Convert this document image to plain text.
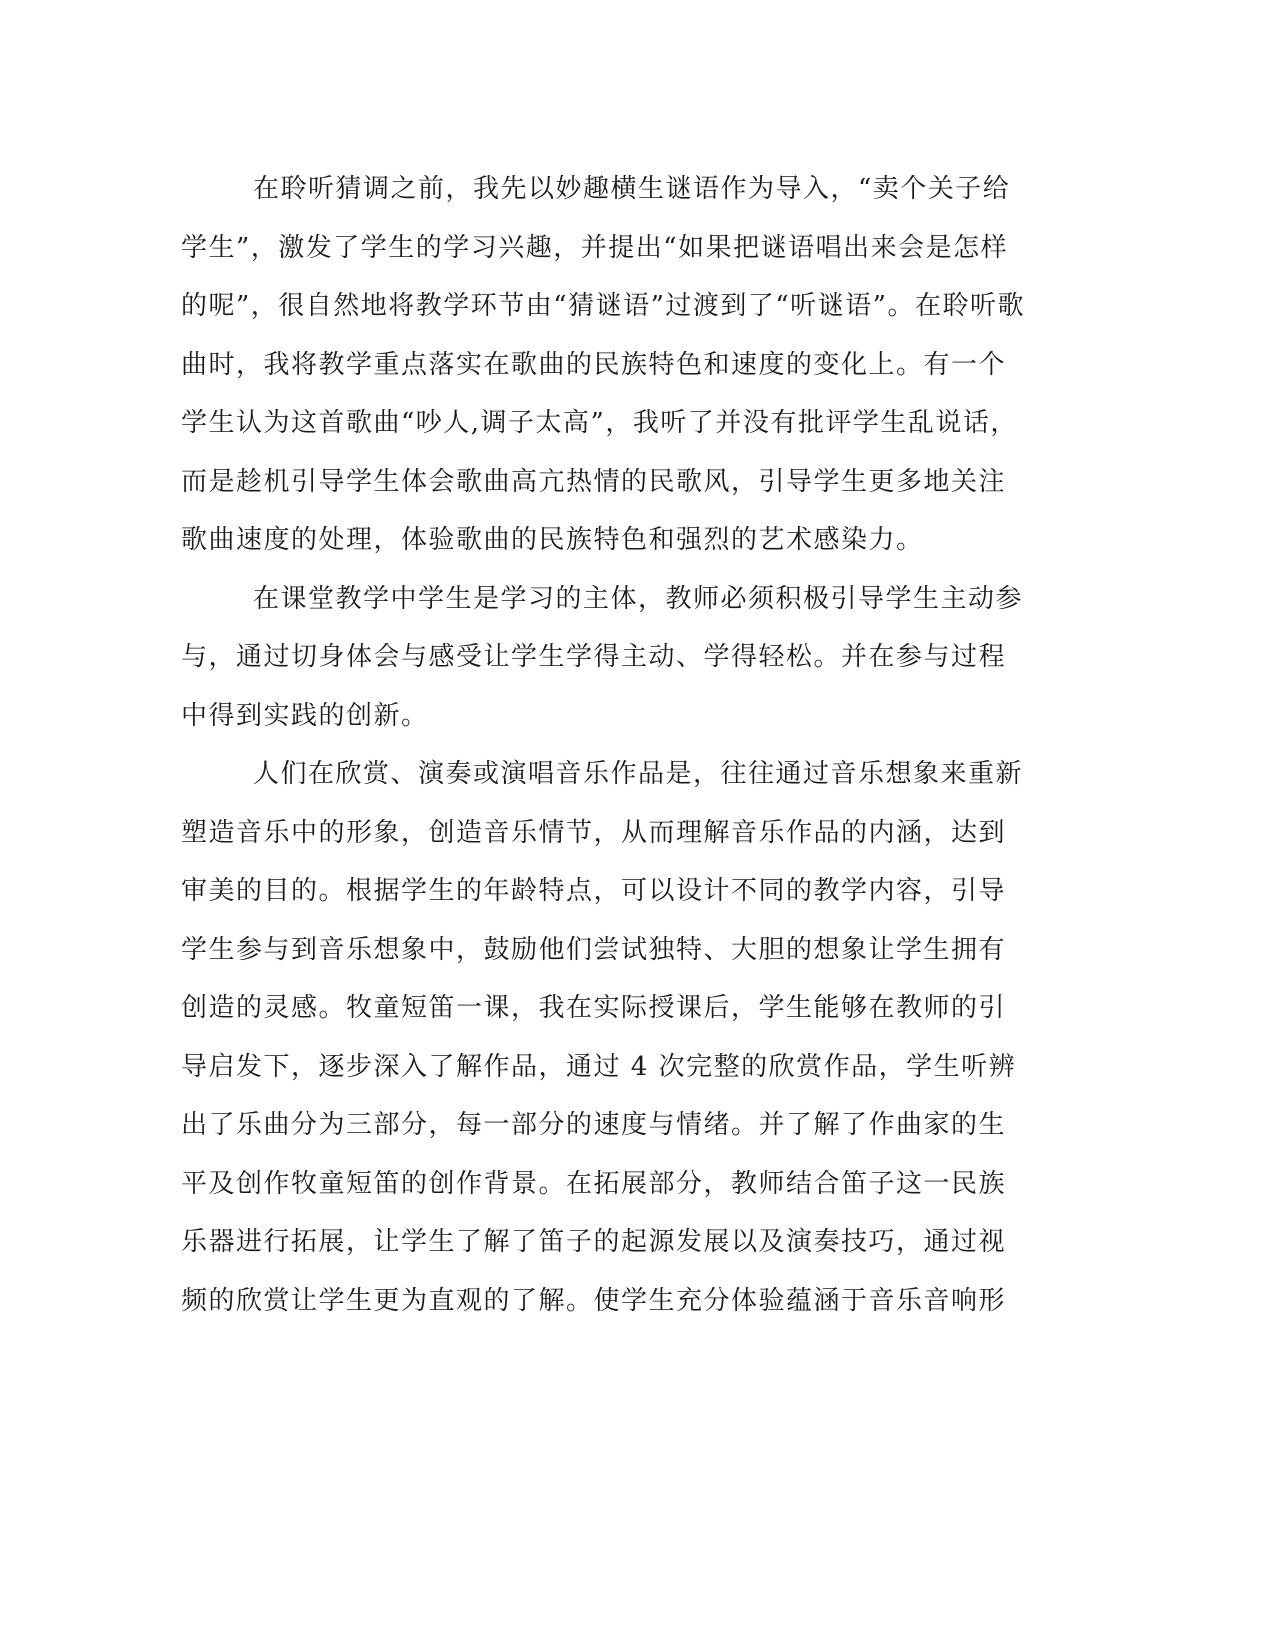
在聆听猜调之前，我先以妙趣横生谜语作为导入，“卖个关子给
学生”，激发了学生的学习兴趣，并提出“如果把谜语唱出来会是怎样
的呢”，很自然地将教学环节由“猜谜语”过渡到了“听谜语”。在聆听歌
曲时，我将教学重点落实在歌曲的民族特色和速度的变化上。有一个
学生认为这首歌曲“吵人,调子太高”，我听了并没有批评学生乱说话，
而是趁机引导学生体会歌曲高亢热情的民歌风，引导学生更多地关注
歌曲速度的处理，体验歌曲的民族特色和强烈的艺术感染力。
在课堂教学中学生是学习的主体，教师必须积极引导学生主动参
与，通过切身体会与感受让学生学得主动、学得轻松。并在参与过程
中得到实践的创新。
人们在欣赏、演奏或演唱音乐作品是，往往通过音乐想象来重新
塑造音乐中的形象，创造音乐情节，从而理解音乐作品的内涵，达到
审美的目的。根据学生的年龄特点，可以设计不同的教学内容，引导
学生参与到音乐想象中，鼓励他们尝试独特、大胆的想象让学生拥有
创造的灵感。牧童短笛一课，我在实际授课后，学生能够在教师的引
导启发下，逐步深入了解作品，通过 4 次完整的欣赏作品，学生听辨
出了乐曲分为三部分，每一部分的速度与情绪。并了解了作曲家的生
平及创作牧童短笛的创作背景。在拓展部分，教师结合笛子这一民族
乐器进行拓展，让学生了解了笛子的起源发展以及演奏技巧，通过视
频的欣赏让学生更为直观的了解。使学生充分体验蕴涵于音乐音响形
